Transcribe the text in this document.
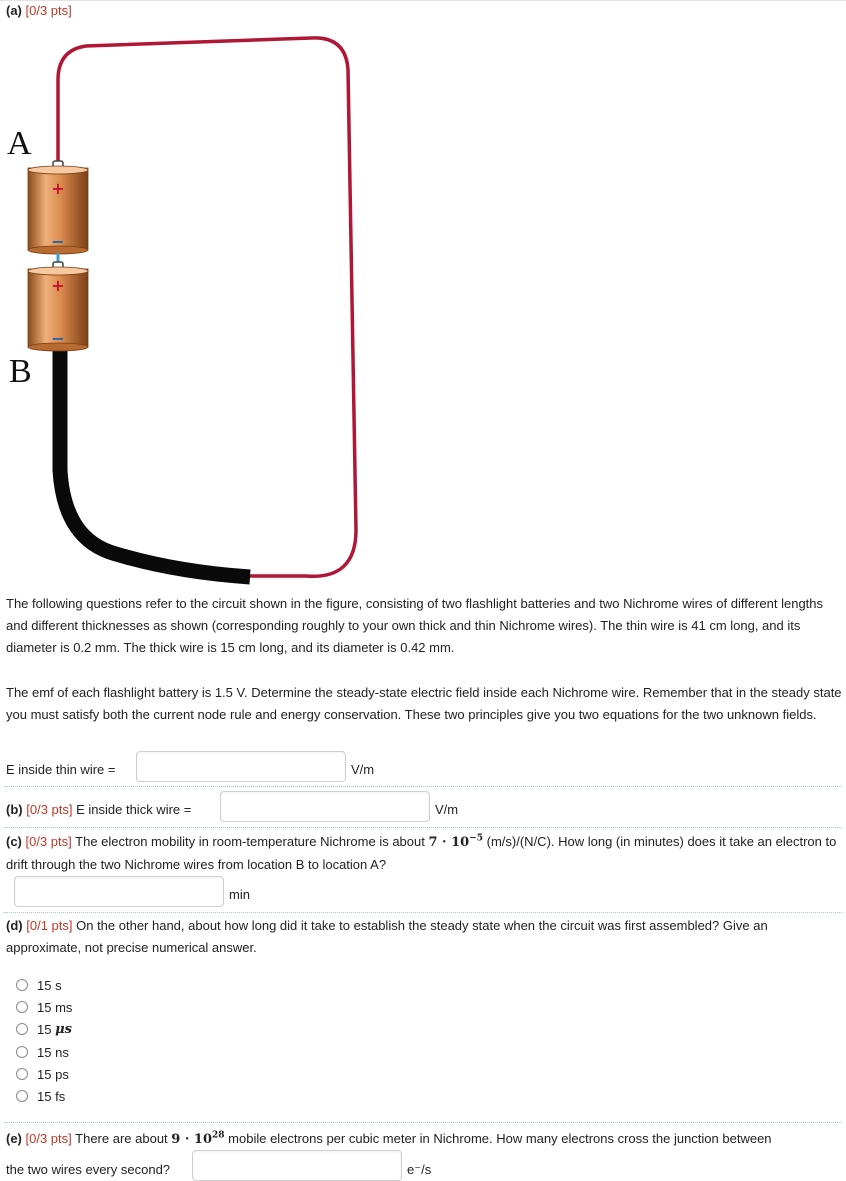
(a) [0/3 pts]
+
−
+
−
A
B
The following questions refer to the circuit shown in the figure, consisting of two flashlight batteries and two Nichrome wires of different lengths and different thicknesses as shown (corresponding roughly to your own thick and thin Nichrome wires). The thin wire is 41 cm long, and its diameter is 0.2 mm. The thick wire is 15 cm long, and its diameter is 0.42 mm.
The emf of each flashlight battery is 1.5 V. Determine the steady-state electric field inside each Nichrome wire. Remember that in the steady state you must satisfy both the current node rule and energy conservation. These two principles give you two equations for the two unknown fields.
E inside thin wire =	V/m
(b) [0/3 pts] E inside thick wire =	V/m
(c) [0/3 pts] The electron mobility in room-temperature Nichrome is about $7 \cdot 10^{-5}$ (m/s)/(N/C). How long (in minutes) does it take an electron to drift through the two Nichrome wires from location B to location A?
min
(d) [0/1 pts] On the other hand, about how long did it take to establish the steady state when the circuit was first assembled? Give an approximate, not precise numerical answer.
15
s
15
ms
15
μs
15
ns
15
ps
15
fs
(e) [0/3 pts] There are about $9 \cdot 10^{28}$ mobile electrons per cubic meter in Nichrome. How many electrons cross the junction between
the two wires every second?	e⁻/s
